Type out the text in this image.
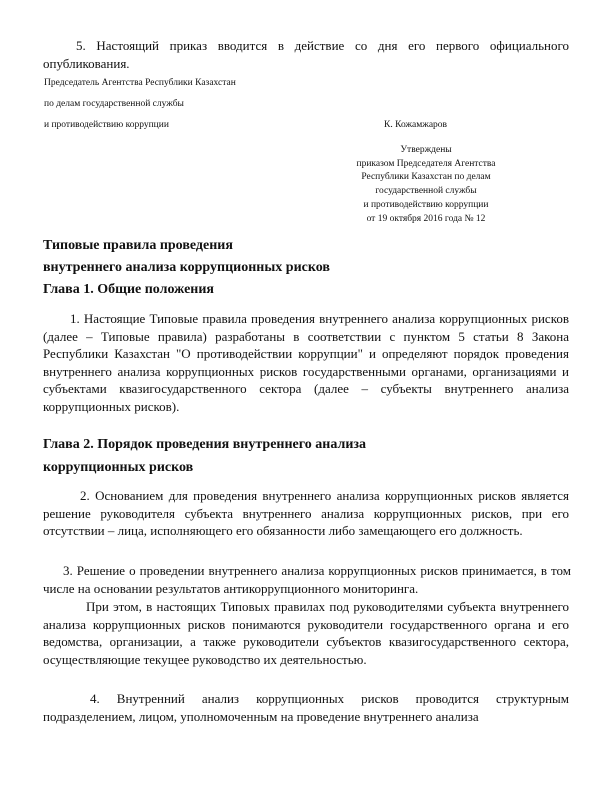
5. Настоящий приказ вводится в действие со дня его первого официального опубликования.
Председатель Агентства Республики Казахстан
по делам государственной службы
и противодействию коррупции	К. Кожамжаров
Утверждены
приказом Председателя Агентства
Республики Казахстан по делам
государственной службы
и противодействию коррупции
от 19 октября 2016 года № 12
Типовые правила проведения
внутреннего анализа коррупционных рисков
Глава 1. Общие положения
1. Настоящие Типовые правила проведения внутреннего анализа коррупционных рисков (далее – Типовые правила) разработаны в соответствии с пунктом 5 статьи 8 Закона Республики Казахстан "О противодействии коррупции" и определяют порядок проведения внутреннего анализа коррупционных рисков государственными органами, организациями и субъектами квазигосударственного сектора (далее – субъекты внутреннего анализа коррупционных рисков).
Глава 2. Порядок проведения внутреннего анализа
коррупционных рисков
2. Основанием для проведения внутреннего анализа коррупционных рисков является решение руководителя субъекта внутреннего анализа коррупционных рисков, при его отсутствии – лица, исполняющего его обязанности либо замещающего его должность.
3. Решение о проведении внутреннего анализа коррупционных рисков принимается, в том числе на основании результатов антикоррупционного мониторинга.
При этом, в настоящих Типовых правилах под руководителями субъекта внутреннего анализа коррупционных рисков понимаются руководители государственного органа и его ведомства, организации, а также руководители субъектов квазигосударственного сектора, осуществляющие текущее руководство их деятельностью.
4. Внутренний анализ коррупционных рисков проводится структурным подразделением, лицом, уполномоченным на проведение внутреннего анализа
